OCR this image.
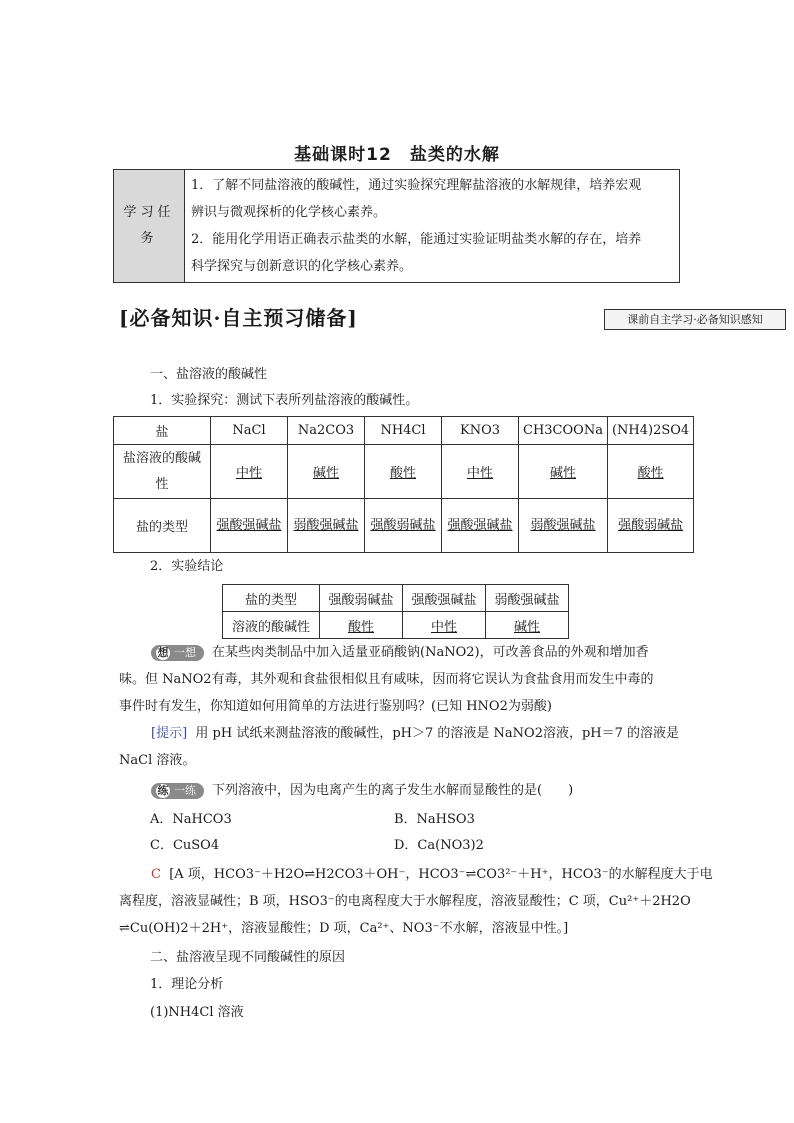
基础课时12　盐类的水解
学习任务	
1．了解不同盐溶液的酸碱性，通过实验探究理解盐溶液的水解规律，培养宏观
辨识与微观探析的化学核心素养。
2．能用化学用语正确表示盐类的水解，能通过实验证明盐类水解的存在，培养
科学探究与创新意识的化学核心素养。
[必备知识·自主预习储备]	课前自主学习·必备知识感知
一、盐溶液的酸碱性
1．实验探究：测试下表所列盐溶液的酸碱性。
盐	NaCl	Na2CO3	NH4Cl	KNO3	CH3COONa	(NH4)2SO4
盐溶液的酸碱性	中性	碱性	酸性	中性	碱性	酸性
盐的类型	强酸强碱盐	弱酸强碱盐	强酸弱碱盐	强酸强碱盐	弱酸强碱盐	强酸弱碱盐
2．实验结论
盐的类型	强酸弱碱盐	强酸强碱盐	弱酸强碱盐
溶液的酸碱性	酸性	中性	碱性
想 一想 在某些肉类制品中加入适量亚硝酸钠(NaNO2)，可改善食品的外观和增加香
味。但 NaNO2有毒，其外观和食盐很相似且有咸味，因而将它误认为食盐食用而发生中毒的
事件时有发生，你知道如何用简单的方法进行鉴别吗？(已知 HNO2为弱酸)
[提示] 用 pH 试纸来测盐溶液的酸碱性，pH＞7 的溶液是 NaNO2溶液，pH＝7 的溶液是
NaCl 溶液。
练 一练 下列溶液中，因为电离产生的离子发生水解而显酸性的是(　　)
A．NaHCO3	B．NaHSO3
C．CuSO4	D．Ca(NO3)2
C [A 项，HCO3⁻＋H2O⇌H2CO3＋OH⁻，HCO3⁻⇌CO3²⁻＋H⁺，HCO3⁻的水解程度大于电
离程度，溶液显碱性；B 项，HSO3⁻的电离程度大于水解程度，溶液显酸性；C 项，Cu²⁺＋2H2O
⇌Cu(OH)2＋2H⁺，溶液显酸性；D 项，Ca²⁺、NO3⁻不水解，溶液显中性。]
二、盐溶液呈现不同酸碱性的原因
1．理论分析
(1)NH4Cl 溶液
